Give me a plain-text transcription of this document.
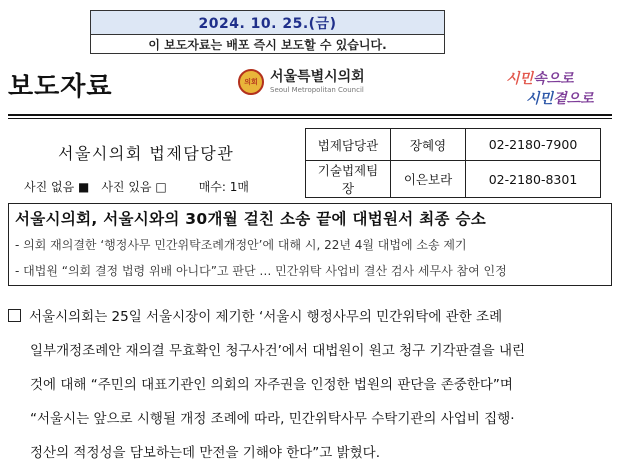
2024. 10. 25.(금)
이 보도자료는 배포 즉시 보도할 수 있습니다.
보도자료	의회 서울특별시의회
Seoul Metropolitan Council
시민속으로
시민곁으로
서울시의회 법제담당관
사진 없음 ■ 사진 있음 □	매수: 1매
법제담당관	장혜영	02-2180-7900
기술법제팀장	이은보라	02-2180-8301
서울시의회, 서울시와의 30개월 걸친 소송 끝에 대법원서 최종 승소
- 의회 재의결한 ‘행정사무 민간위탁조례개정안’에 대해 시, 22년 4월 대법에 소송 제기
- 대법원 “의회 결정 법령 위배 아니다”고 판단 … 민간위탁 사업비 결산 검사 세무사 참여 인정
서울시의회는 25일 서울시장이 제기한 ‘서울시 행정사무의 민간위탁에 관한 조례
일부개정조례안 재의결 무효확인 청구사건’에서 대법원이 원고 청구 기각판결을 내린
것에 대해 “주민의 대표기관인 의회의 자주권을 인정한 법원의 판단을 존중한다”며
“서울시는 앞으로 시행될 개정 조례에 따라, 민간위탁사무 수탁기관의 사업비 집행·
정산의 적정성을 담보하는데 만전을 기해야 한다”고 밝혔다.
